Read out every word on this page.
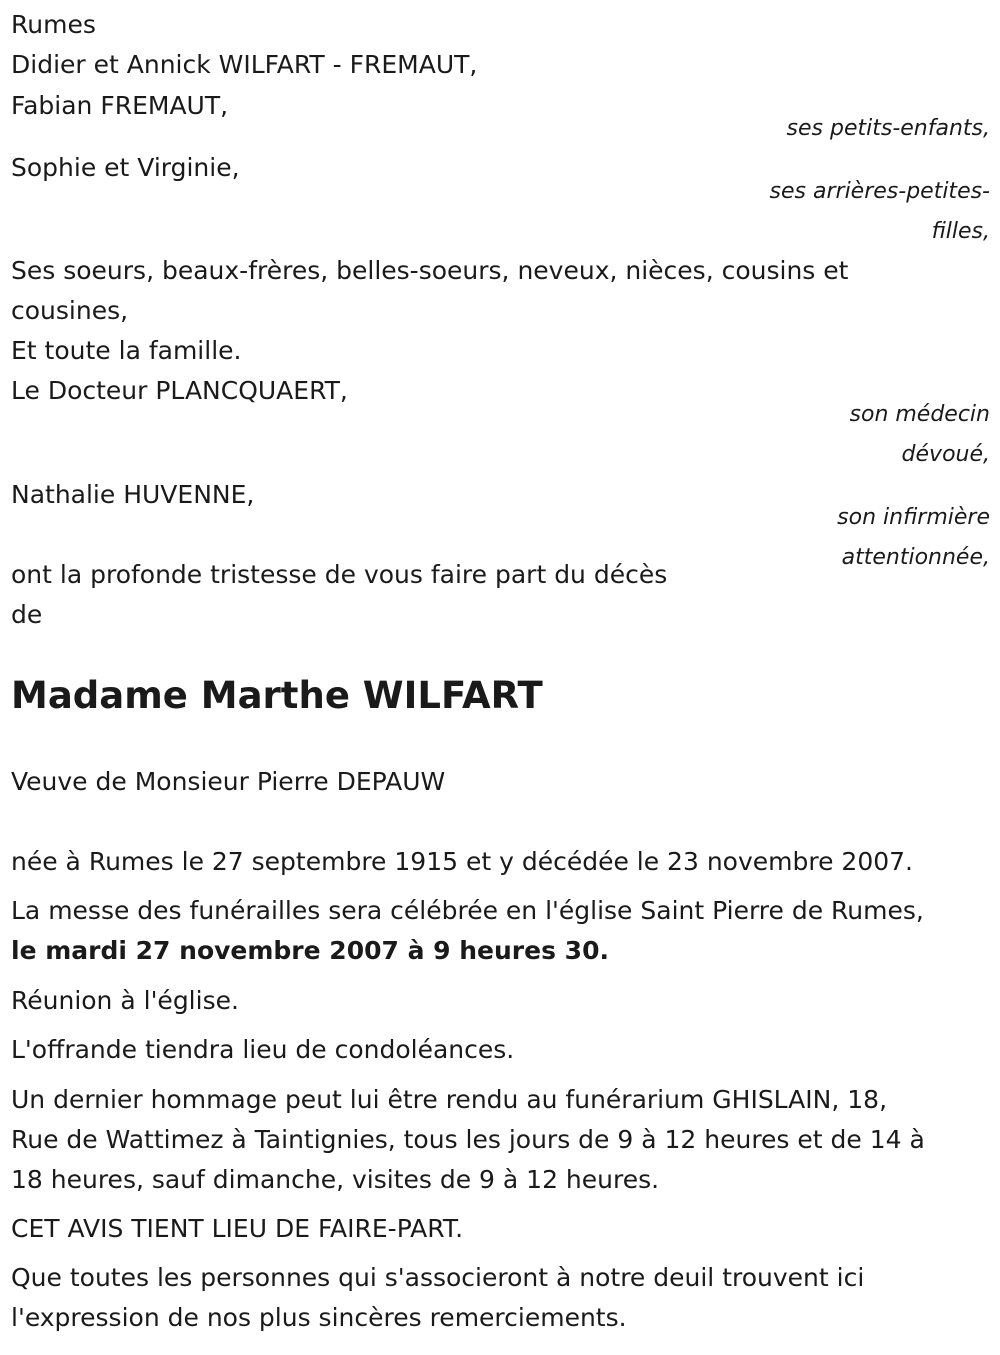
Rumes

Didier et Annick WILFART - FREMAUT,

Fabian FREMAUT,

ses petits-enfants,

Sophie et Virginie,

ses arrières-petites-

filles,

Ses soeurs, beaux-frères, belles-soeurs, neveux, nièces, cousins et

cousines,

Et toute la famille.

Le Docteur PLANCQUAERT,

son médecin

dévoué,

Nathalie HUVENNE,

son infirmière

attentionnée,

ont la profonde tristesse de vous faire part du décès

de

Madame Marthe WILFART

Veuve de Monsieur Pierre DEPAUW

née à Rumes le 27 septembre 1915 et y décédée le 23 novembre 2007.

La messe des funérailles sera célébrée en l'église Saint Pierre de Rumes,

le mardi 27 novembre 2007 à 9 heures 30.

Réunion à l'église.

L'offrande tiendra lieu de condoléances.

Un dernier hommage peut lui être rendu au funérarium GHISLAIN, 18,

Rue de Wattimez à Taintignies, tous les jours de 9 à 12 heures et de 14 à

18 heures, sauf dimanche, visites de 9 à 12 heures.

CET AVIS TIENT LIEU DE FAIRE-PART.

Que toutes les personnes qui s'associeront à notre deuil trouvent ici

l'expression de nos plus sincères remerciements.
